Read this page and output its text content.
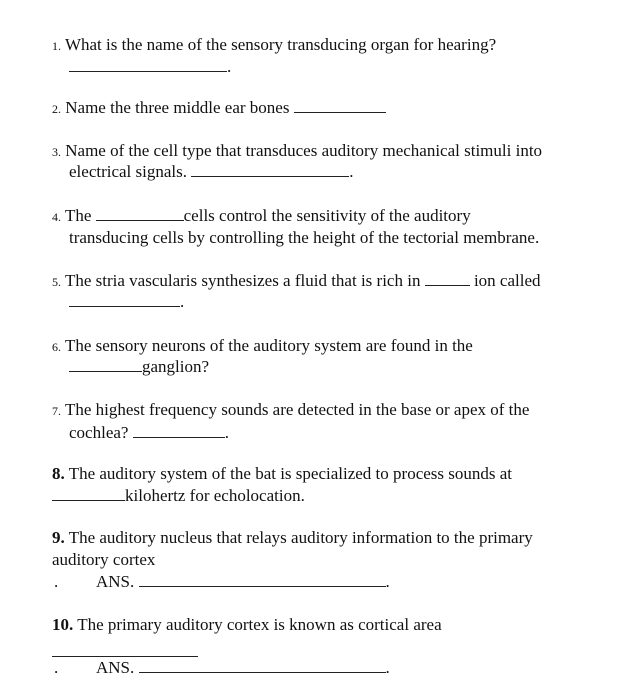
1. What is the name of the sensory transducing organ for hearing?
.
2. Name the three middle ear bones
3. Name of the cell type that transduces auditory mechanical stimuli into
electrical signals.	.
4. The	cells control the sensitivity of the auditory
transducing cells by controlling the height of the tectorial membrane.
5. The stria vascularis synthesizes a fluid that is rich in	ion called
.
6. The sensory neurons of the auditory system are found in the
ganglion?
7. The highest frequency sounds are detected in the base or apex of the
cochlea?	.
8. The auditory system of the bat is specialized to process sounds at
kilohertz for echolocation.
9. The auditory nucleus that relays auditory information to the primary
auditory cortex
. ANS.	.
10. The primary auditory cortex is known as cortical area
. ANS.	.
